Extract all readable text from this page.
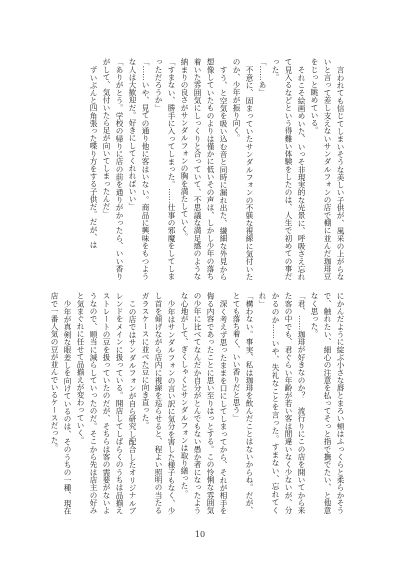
言われても信じてしまいそうな美しい子供が、風采の上がらないと言って差し支えないサンダルフォンの店で棚に並んだ珈琲豆をじっと眺めている。

それこそ絵画めいた、いっそ非現実的な光景に、呼吸さえ忘れて見入るなどという得難い体験をしたのは、人生で初めての事だった。

「……あ」

不意に、固まっていたサンダルフォンの不躾な視線に気付いたのか、少年が振り向く。

すう、と空気を吸い込む音と同時に漏れ出た、繊細な外見から想像していたものよりは僅かに低いその声は、しかし少年の落ち着いた雰囲気にしっくりと合っていて、不思議な満足感のような納まりの良さがサンダルフォンの胸を満たしていく。

「すまない、勝手に入ってしまった。……仕事の邪魔をしてしまっただろうか」

「……いや、見ての通り他に客はいない。商品に興味をもつような人は大歓迎だ。好きにしてくれればいい」

「ありがとう。学校の帰りに店の前を通りがかったら、いい香りがして、気付いたら足が向いてしまったんだ」

ずいぶんと四角張った喋り方をする子供だ。だが、は

にかんだように綻ぶ小さな唇とまろい頬はふっくらと柔らかそうで、触れたい、細心の注意を払ってそっと指で撫でたい、と他意なく思った。

「君、……珈琲が好きなのか？　流行りにこの店を開いてから来た客の中でも、君ぐらい年齢が若い客は間違いなく少ないが、分かるのか……いや、失礼なことを言った。すまない、忘れてくれ」

「構わない。事実、私は珈琲を飲んだことはないからね。だが、とても落ち着く、いい香りだと思う」

深く考えず思ったままを口にしてしまってから、それが相手を侮る内容であったことに思い至りはっとする。この怜悧な雰囲気の少年に比べてなんだか自分がとんでもない愚か者になったような心地がして、ぎくしゃくとサンダルフォンは取り繕った。

少年はサンダルフォンの言い訳に気分を害した様子もなく、少し首を傾げながら店内に視線を巡らせると、程よい照明の当たるガラスケースに並べた豆に向き直った。

この店ではサンダルフォンが自ら研究し配合したオリジナルブレンドをメインに扱っている。開店してしばらくのうちは品揃えストレートの豆を扱っていたのだが、そちらは客の需要がないようなので、順当に減らしていったのだ。そこから先は店主の好みと気まぐれに任せて品揃えが変わっていく。

少年が真剣な眼差しを向けているのは、そのうちの一種、現在店で一番人気の豆が並んでいるケースだった。

10
